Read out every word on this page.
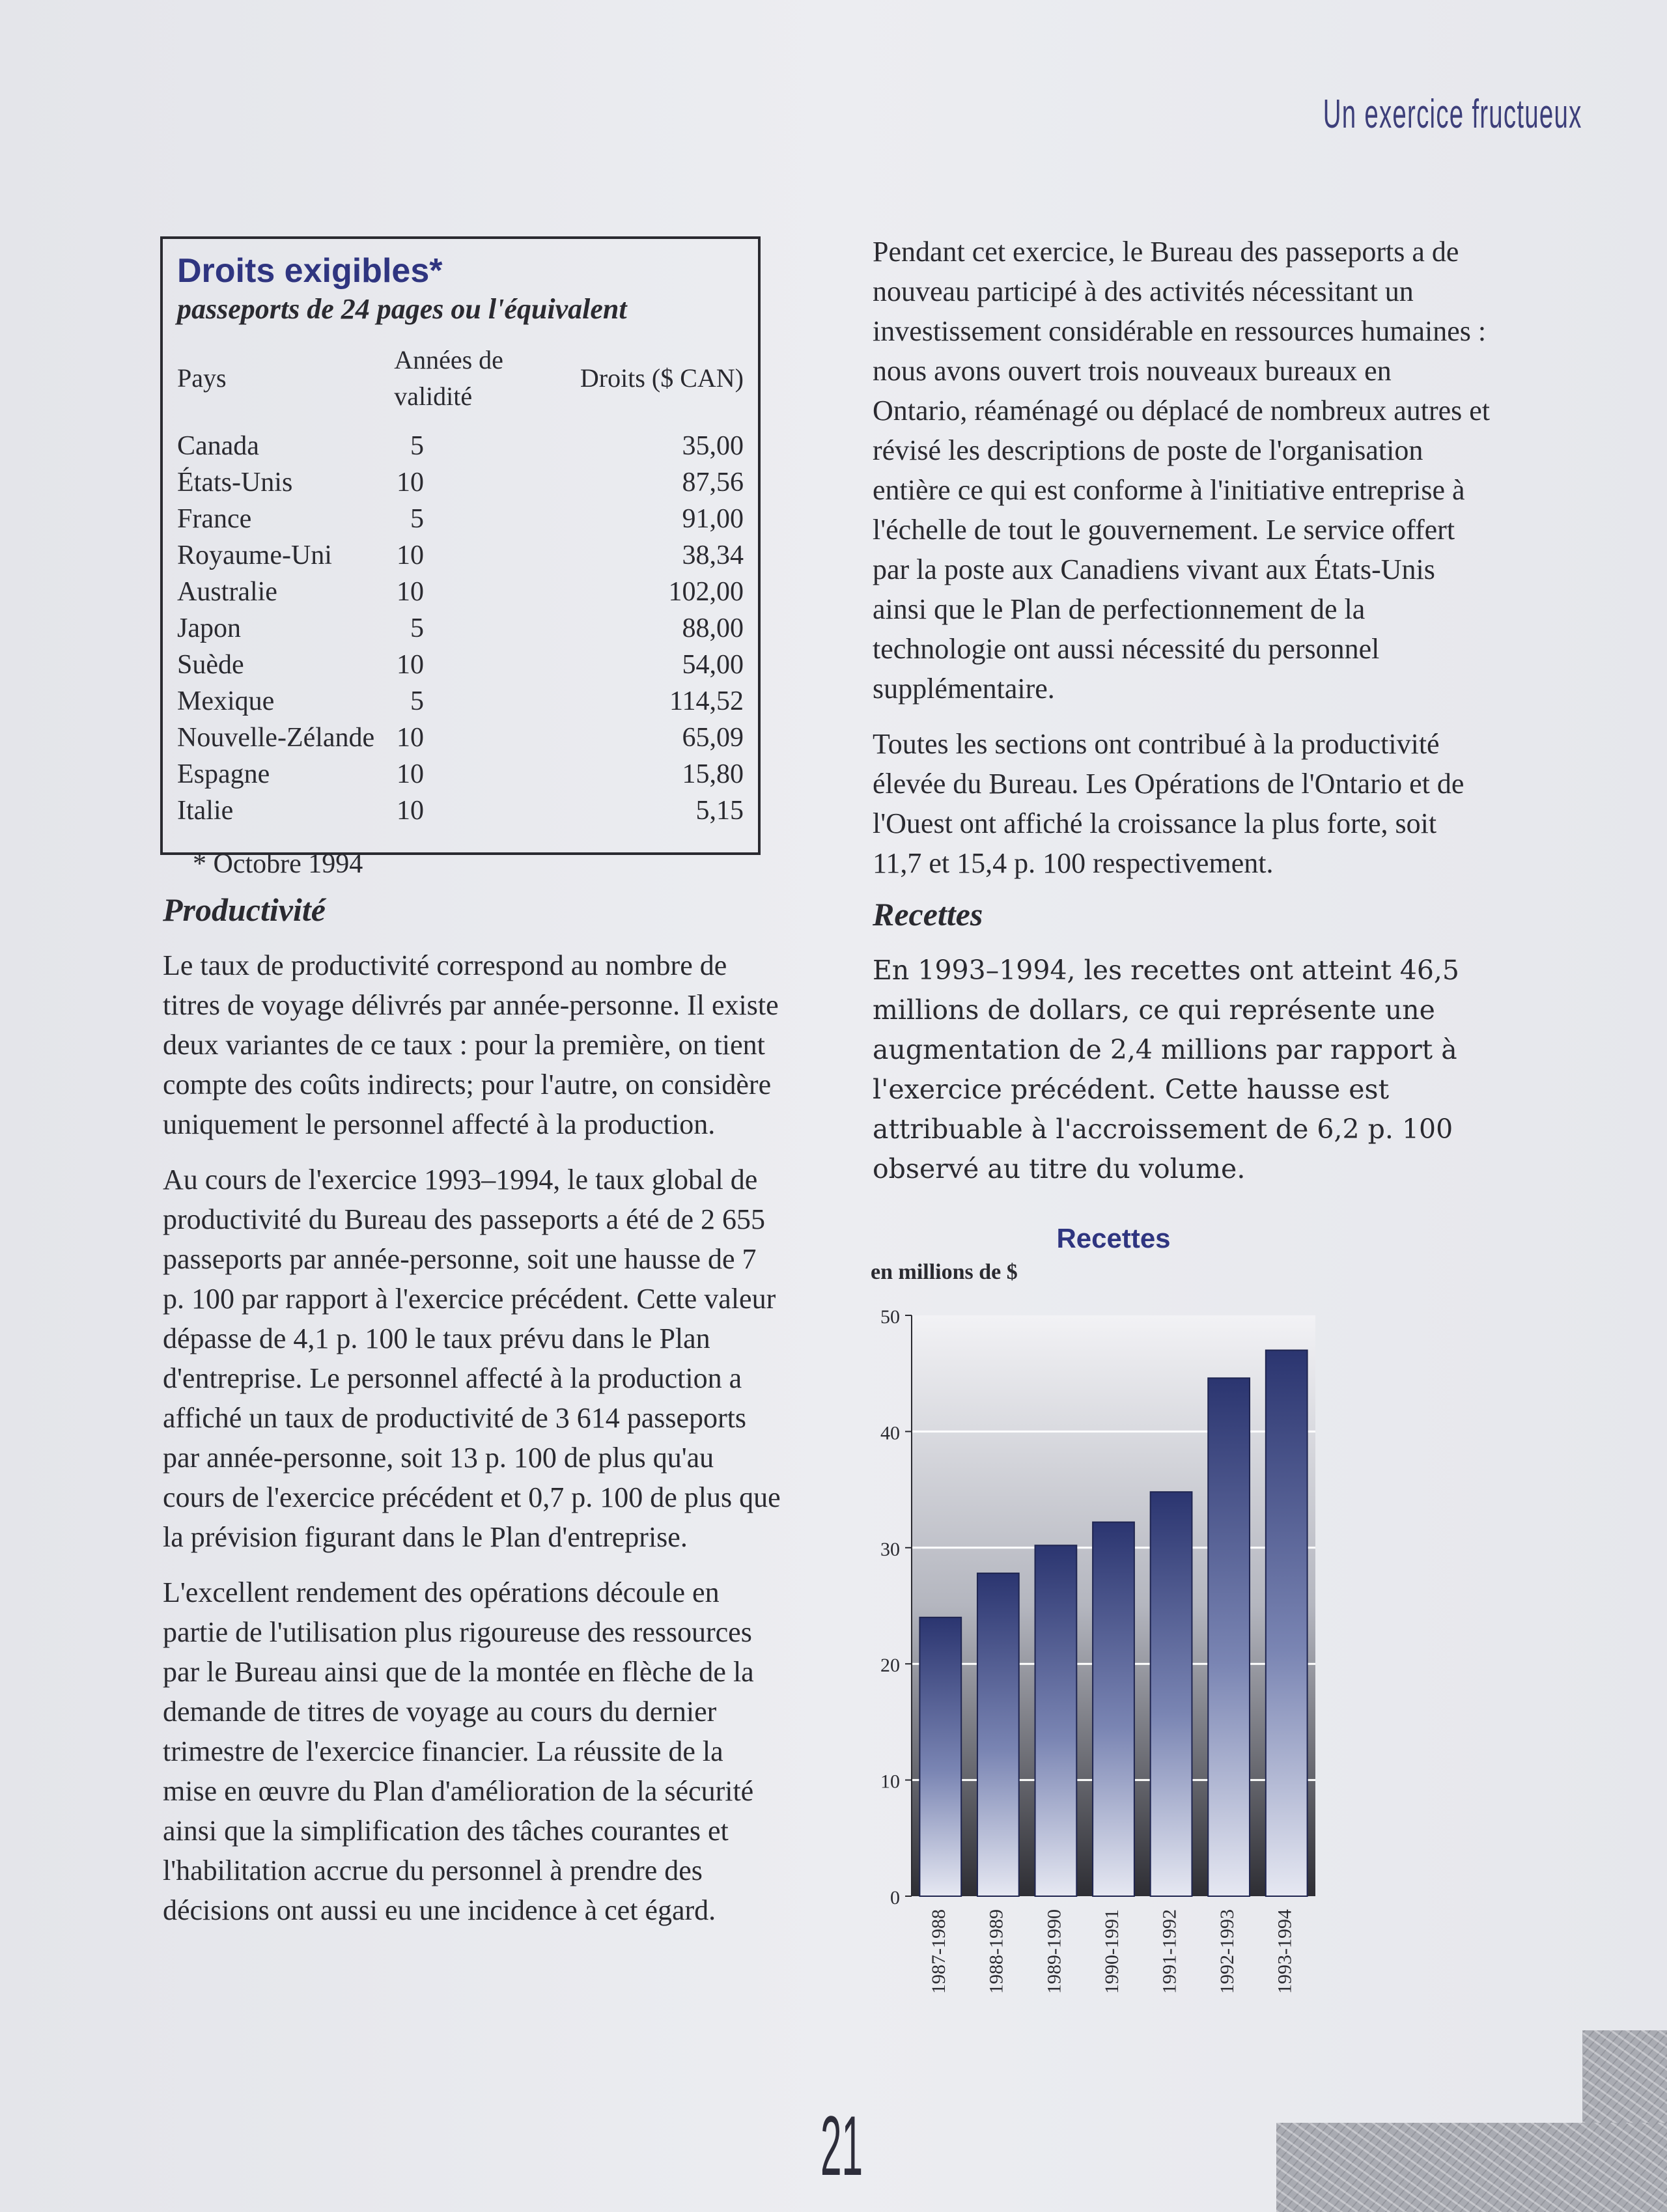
Un exercice fructueux
Droits exigibles*
passeports de 24 pages ou l'équivalent
Pays	Années de validité	Droits ($ CAN)
Canada	5	35,00
États-Unis	10	87,56
France	5	91,00
Royaume-Uni	10	38,34
Australie	10	102,00
Japon	5	88,00
Suède	10	54,00
Mexique	5	114,52
Nouvelle-Zélande	10	65,09
Espagne	10	15,80
Italie	10	5,15
* Octobre 1994
Productivité

Le taux de productivité correspond au nombre de titres de voyage délivrés par année-personne. Il existe deux variantes de ce taux : pour la première, on tient compte des coûts indirects; pour l'autre, on considère uniquement le personnel affecté à la production.

Au cours de l'exercice 1993–1994, le taux global de productivité du Bureau des passeports a été de 2 655 passeports par année-personne, soit une hausse de 7 p. 100 par rapport à l'exercice précédent. Cette valeur dépasse de 4,1 p. 100 le taux prévu dans le Plan d'entreprise. Le personnel affecté à la production a affiché un taux de productivité de 3 614 passeports par année-personne, soit 13 p. 100 de plus qu'au cours de l'exercice précédent et 0,7 p. 100 de plus que la prévision figurant dans le Plan d'entreprise.

L'excellent rendement des opérations découle en partie de l'utilisation plus rigoureuse des ressources par le Bureau ainsi que de la montée en flèche de la demande de titres de voyage au cours du dernier trimestre de l'exercice financier. La réussite de la mise en œuvre du Plan d'amélioration de la sécurité ainsi que la simplification des tâches courantes et l'habilitation accrue du personnel à prendre des décisions ont aussi eu une incidence à cet égard.

Pendant cet exercice, le Bureau des passeports a de nouveau participé à des activités nécessitant un investissement considérable en ressources humaines : nous avons ouvert trois nouveaux bureaux en Ontario, réaménagé ou déplacé de nombreux autres et révisé les descriptions de poste de l'organisation entière ce qui est conforme à l'initiative entreprise à l'échelle de tout le gouvernement. Le service offert par la poste aux Canadiens vivant aux États-Unis ainsi que le Plan de perfectionnement de la technologie ont aussi nécessité du personnel supplémentaire.

Toutes les sections ont contribué à la productivité élevée du Bureau. Les Opérations de l'Ontario et de l'Ouest ont affiché la croissance la plus forte, soit 11,7 et 15,4 p. 100 respectivement.

Recettes

En 1993–1994, les recettes ont atteint 46,5 millions de dollars, ce qui représente une augmentation de 2,4 millions par rapport à l'exercice précédent. Cette hausse est attribuable à l'accroissement de 6,2 p. 100 observé au titre du volume.

Recettes
en millions de $
0
10
20
30
40
50
1987-1988 1988-1989 1989-1990 1990-1991 1991-1992 1992-1993 1993-1994
21
